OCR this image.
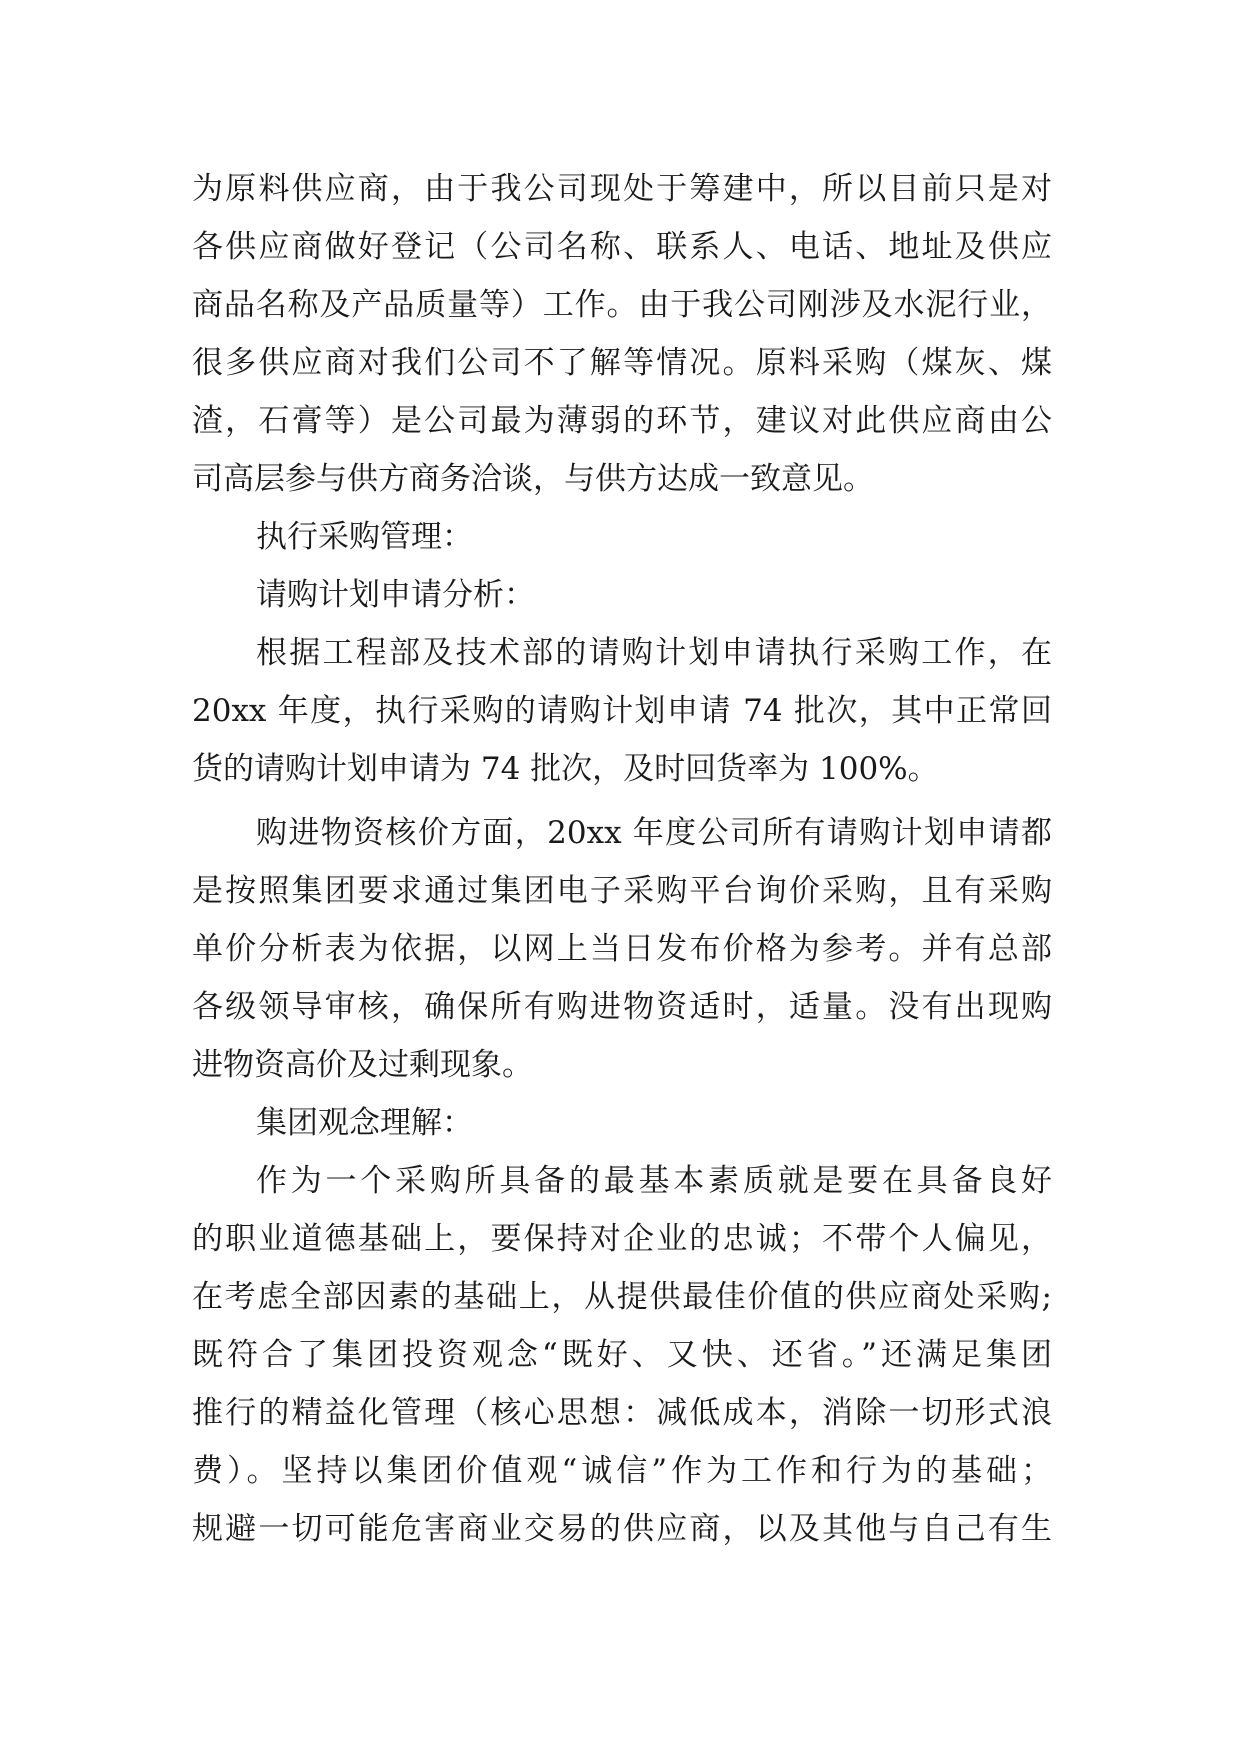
为原料供应商，由于我公司现处于筹建中，所以目前只是对
各供应商做好登记（公司名称、联系人、电话、地址及供应
商品名称及产品质量等）工作。由于我公司刚涉及水泥行业，
很多供应商对我们公司不了解等情况。原料采购（煤灰、煤
渣，石膏等）是公司最为薄弱的环节，建议对此供应商由公
司高层参与供方商务洽谈，与供方达成一致意见。
执行采购管理：
请购计划申请分析：
根据工程部及技术部的请购计划申请执行采购工作，在
20xx 年度，执行采购的请购计划申请 74 批次，其中正常回
货的请购计划申请为 74 批次，及时回货率为 100%。
购进物资核价方面，20xx 年度公司所有请购计划申请都
是按照集团要求通过集团电子采购平台询价采购，且有采购
单价分析表为依据，以网上当日发布价格为参考。并有总部
各级领导审核，确保所有购进物资适时，适量。没有出现购
进物资高价及过剩现象。
集团观念理解：
作为一个采购所具备的最基本素质就是要在具备良好
的职业道德基础上，要保持对企业的忠诚；不带个人偏见，
在考虑全部因素的基础上，从提供最佳价值的供应商处采购;
既符合了集团投资观念“既好、又快、还省。”还满足集团
推行的精益化管理（核心思想：减低成本，消除一切形式浪
费）。坚持以集团价值观“诚信”作为工作和行为的基础；
规避一切可能危害商业交易的供应商，以及其他与自己有生
